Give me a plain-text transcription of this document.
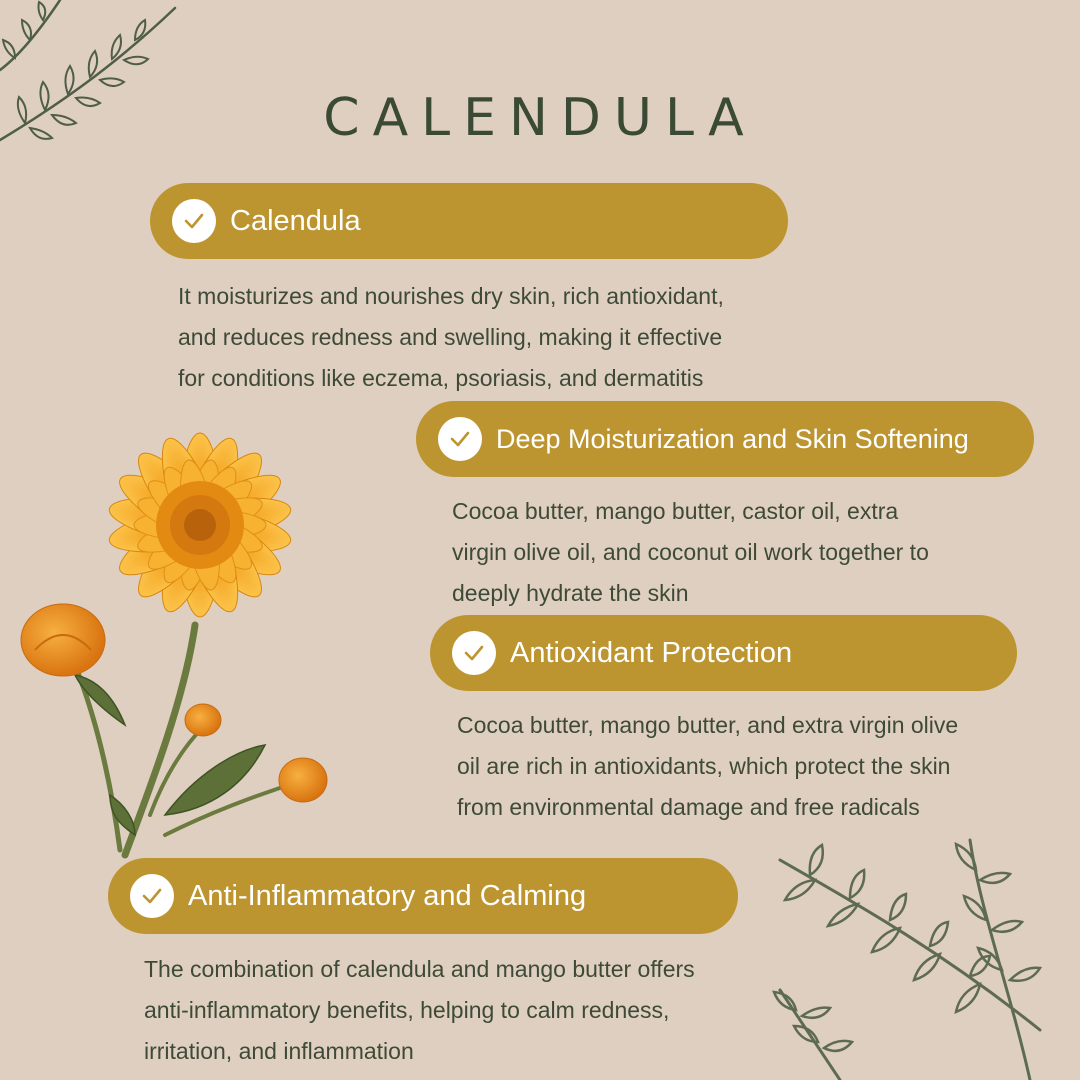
CALENDULA
Calendula

It moisturizes and nourishes dry skin, rich antioxidant,
and reduces redness and swelling, making it effective
for conditions like eczema, psoriasis, and dermatitis

Deep Moisturization and Skin Softening

Cocoa butter, mango butter, castor oil, extra
virgin olive oil, and coconut oil work together to
deeply hydrate the skin

Antioxidant Protection

Cocoa butter, mango butter, and extra virgin olive
oil are rich in antioxidants, which protect the skin
from environmental damage and free radicals

Anti-Inflammatory and Calming

The combination of calendula and mango butter offers
anti-inflammatory benefits, helping to calm redness,
irritation, and inflammation
